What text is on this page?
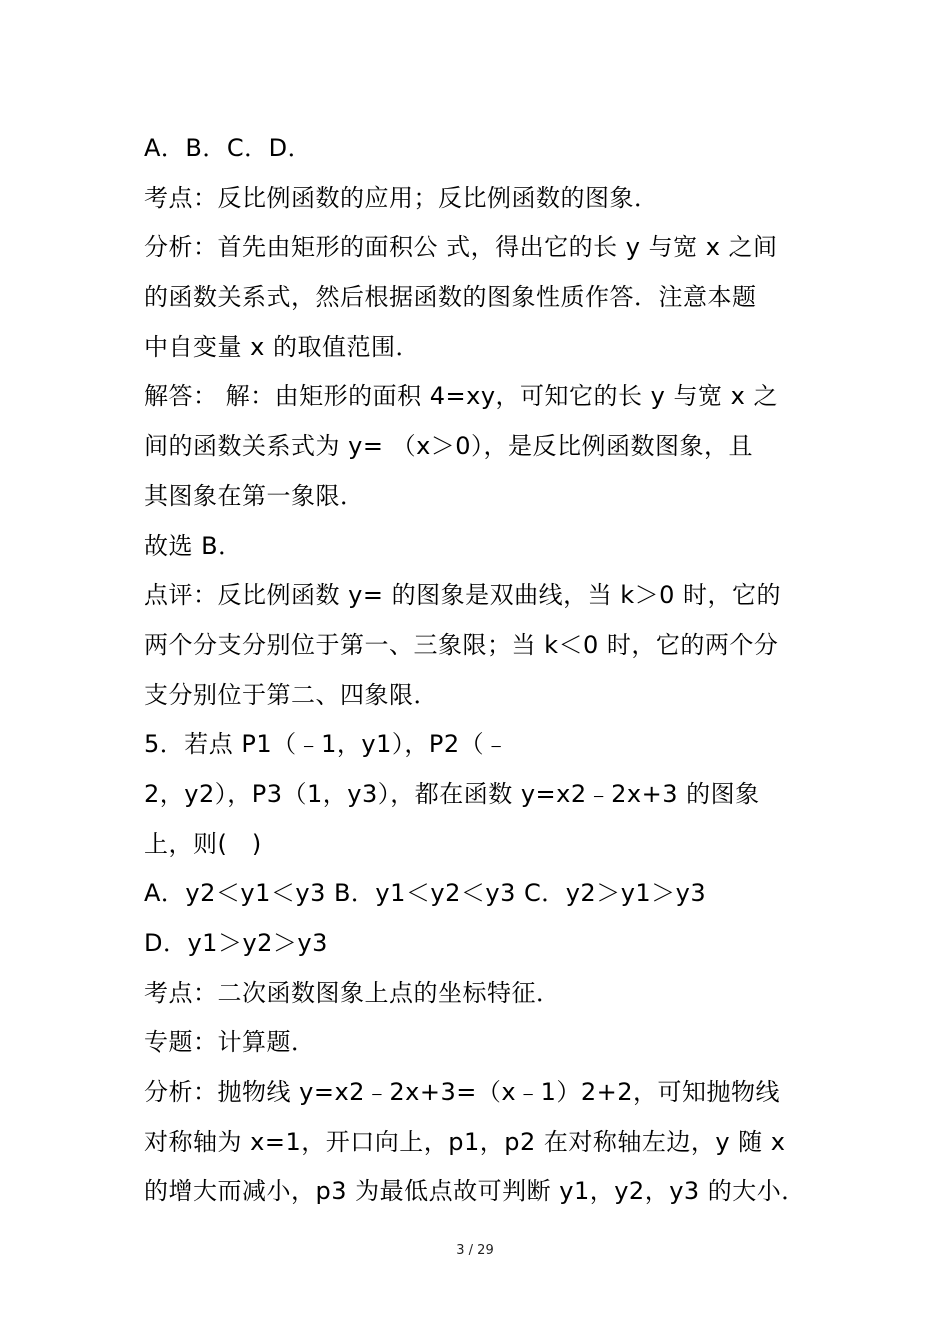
A．B．C．D．
考点：反比例函数的应用；反比例函数的图象．
分析：首先由矩形的面积公 式，得出它的长 y 与宽 x 之间
的函数关系式，然后根据函数的图象性质作答．注意本题
中自变量 x 的取值范围．
解答： 解：由矩形的面积 4=xy，可知它的长 y 与宽 x 之
间的函数关系式为 y= （x＞0），是反比例函数图象，且
其图象在第一象限．
故选 B．
点评：反比例函数 y= 的图象是双曲线，当 k＞0 时，它的
两个分支分别位于第一、三象限；当 k＜0 时，它的两个分
支分别位于第二、四象限．
5．若点 P1（﹣1，y1），P2（﹣
2，y2），P3（1，y3），都在函数 y=x2﹣2x+3 的图象
上，则(　)
A．y2＜y1＜y3 B．y1＜y2＜y3 C．y2＞y1＞y3
D．y1＞y2＞y3
考点：二次函数图象上点的坐标特征．
专题：计算题．
分析：抛物线 y=x2﹣2x+3=（x﹣1）2+2，可知抛物线
对称轴为 x=1，开口向上，p1，p2 在对称轴左边，y 随 x
的增大而减小，p3 为最低点故可判断 y1，y2，y3 的大小．
3 / 29
